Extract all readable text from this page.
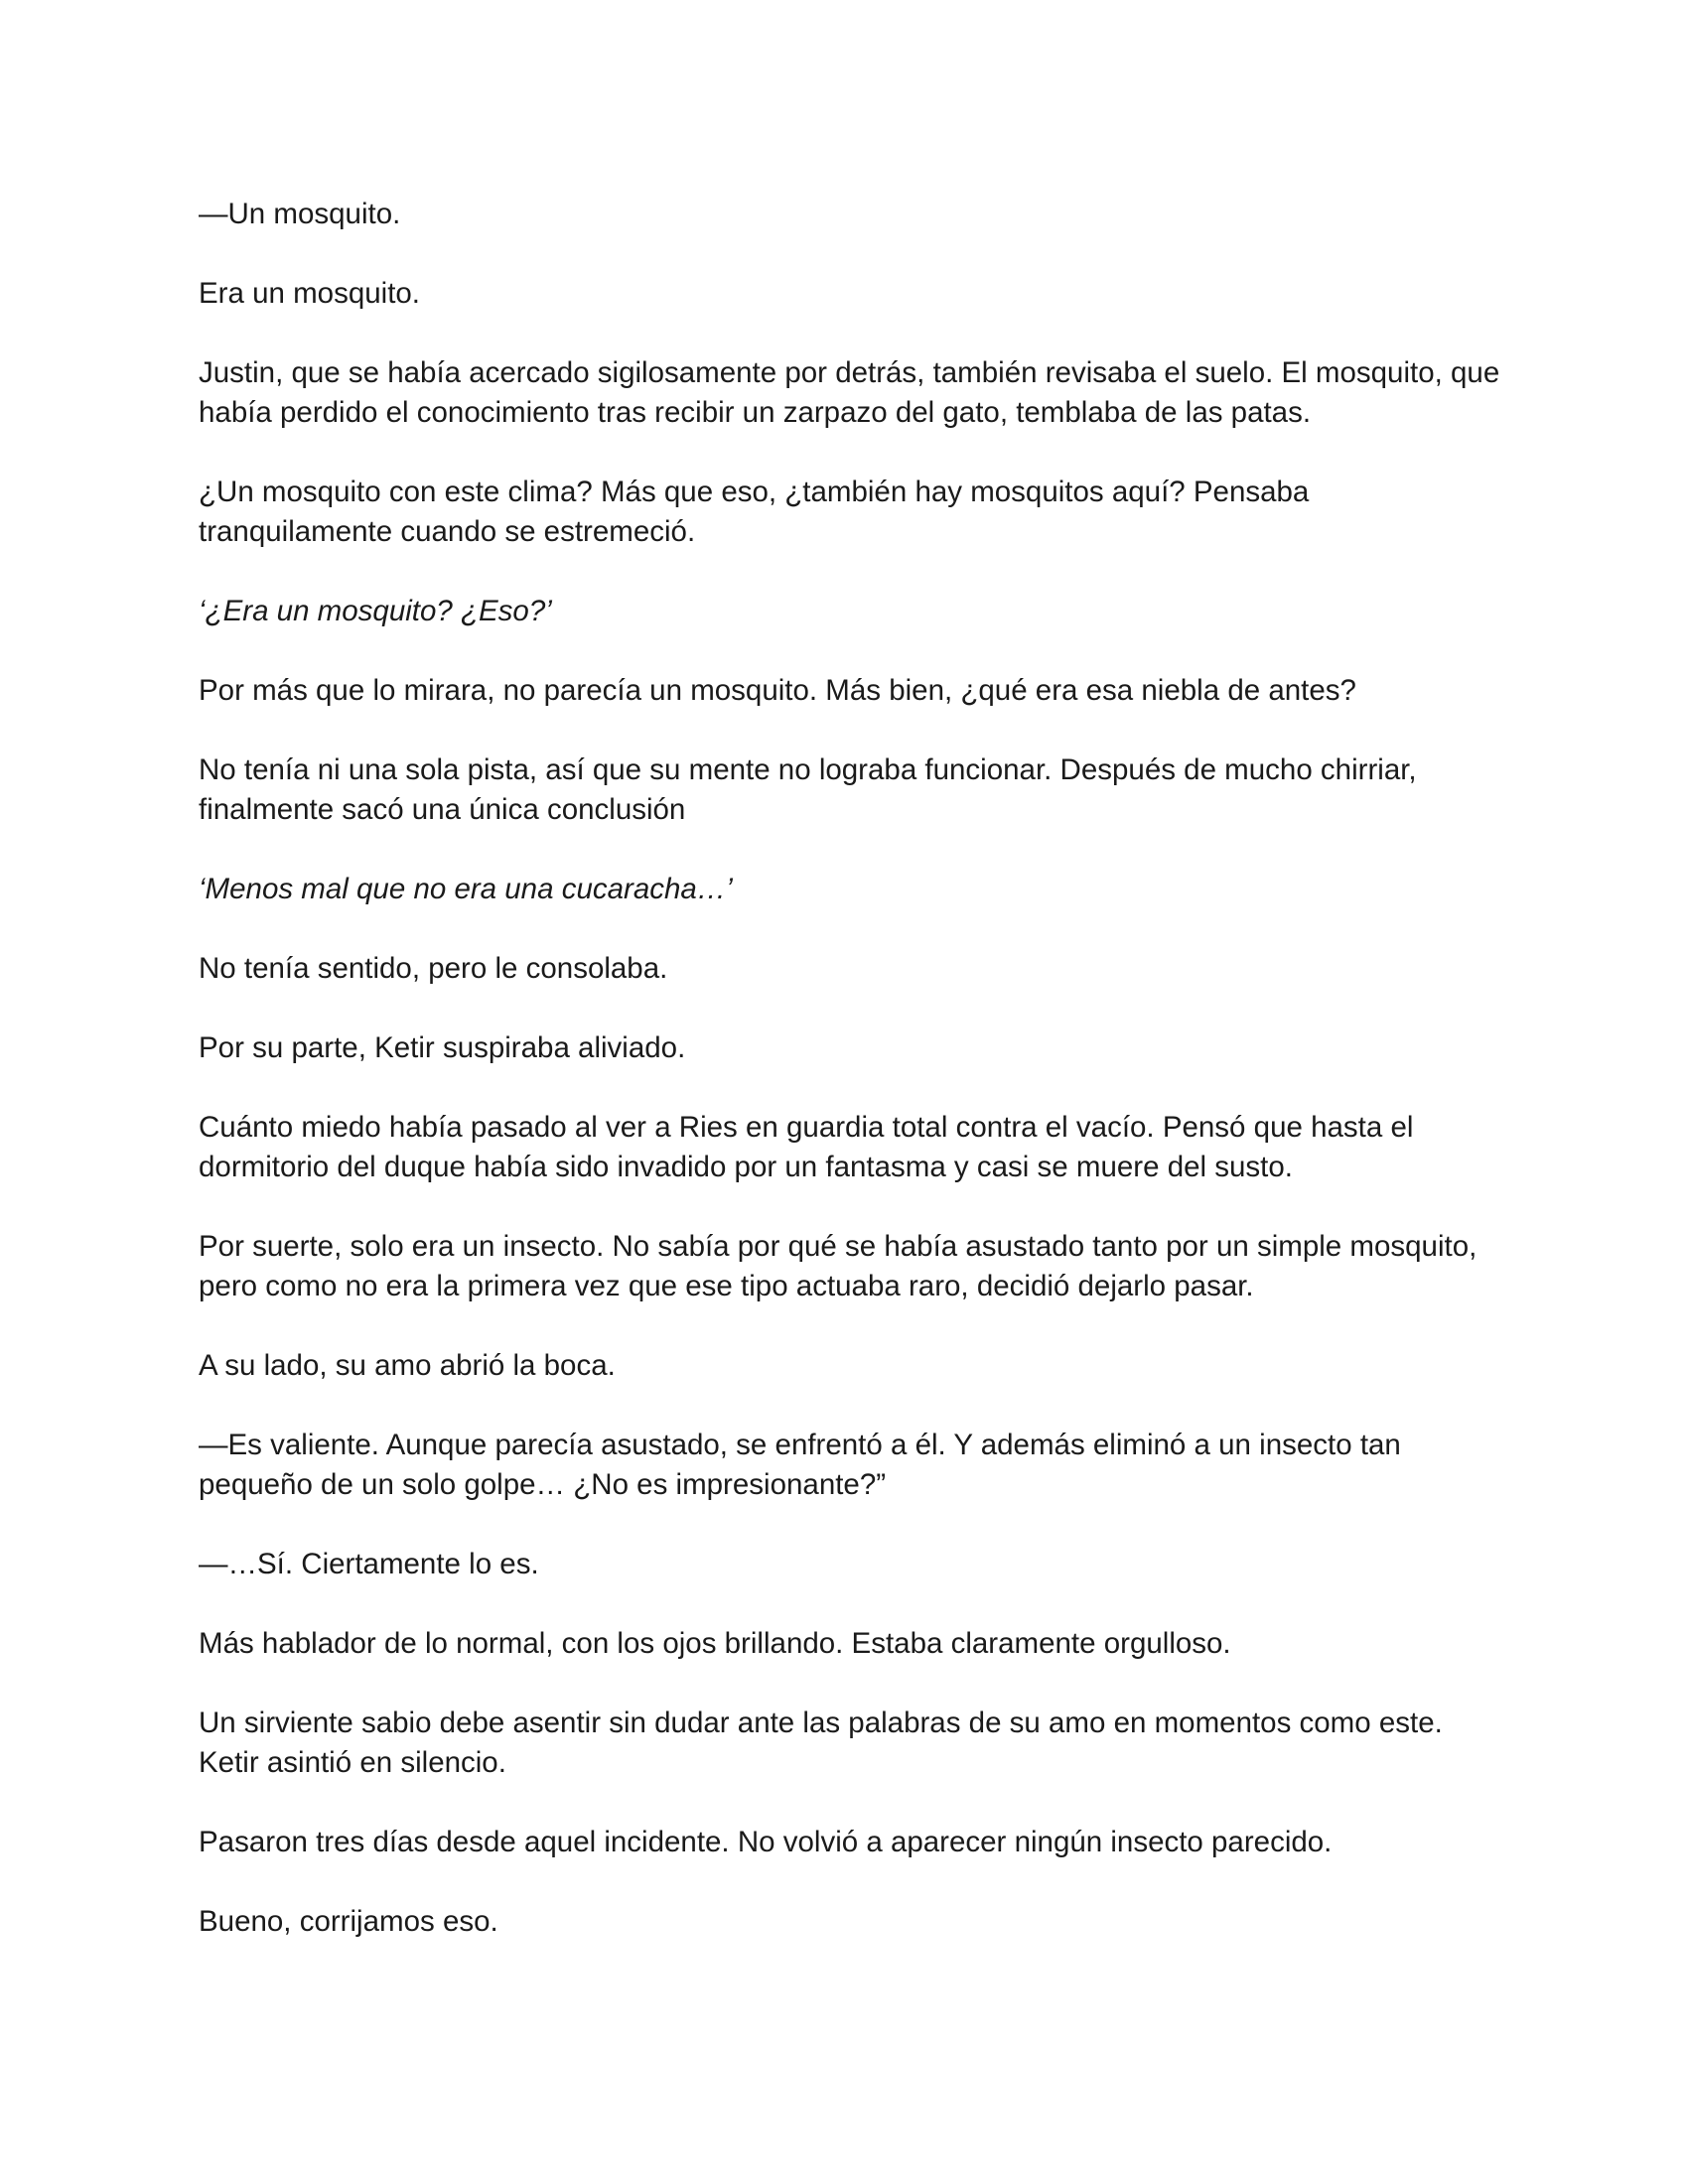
—Un mosquito.

Era un mosquito.

Justin, que se había acercado sigilosamente por detrás, también revisaba el suelo. El mosquito, que había perdido el conocimiento tras recibir un zarpazo del gato, temblaba de las patas.

¿Un mosquito con este clima? Más que eso, ¿también hay mosquitos aquí? Pensaba tranquilamente cuando se estremeció.

‘¿Era un mosquito? ¿Eso?’

Por más que lo mirara, no parecía un mosquito. Más bien, ¿qué era esa niebla de antes?

No tenía ni una sola pista, así que su mente no lograba funcionar. Después de mucho chirriar, finalmente sacó una única conclusión

‘Menos mal que no era una cucaracha…’

No tenía sentido, pero le consolaba.

Por su parte, Ketir suspiraba aliviado.

Cuánto miedo había pasado al ver a Ries en guardia total contra el vacío. Pensó que hasta el dormitorio del duque había sido invadido por un fantasma y casi se muere del susto.

Por suerte, solo era un insecto. No sabía por qué se había asustado tanto por un simple mosquito, pero como no era la primera vez que ese tipo actuaba raro, decidió dejarlo pasar.

A su lado, su amo abrió la boca.

—Es valiente. Aunque parecía asustado, se enfrentó a él. Y además eliminó a un insecto tan pequeño de un solo golpe… ¿No es impresionante?”

—…Sí. Ciertamente lo es.

Más hablador de lo normal, con los ojos brillando. Estaba claramente orgulloso.

Un sirviente sabio debe asentir sin dudar ante las palabras de su amo en momentos como este. Ketir asintió en silencio.

Pasaron tres días desde aquel incidente. No volvió a aparecer ningún insecto parecido.

Bueno, corrijamos eso.
